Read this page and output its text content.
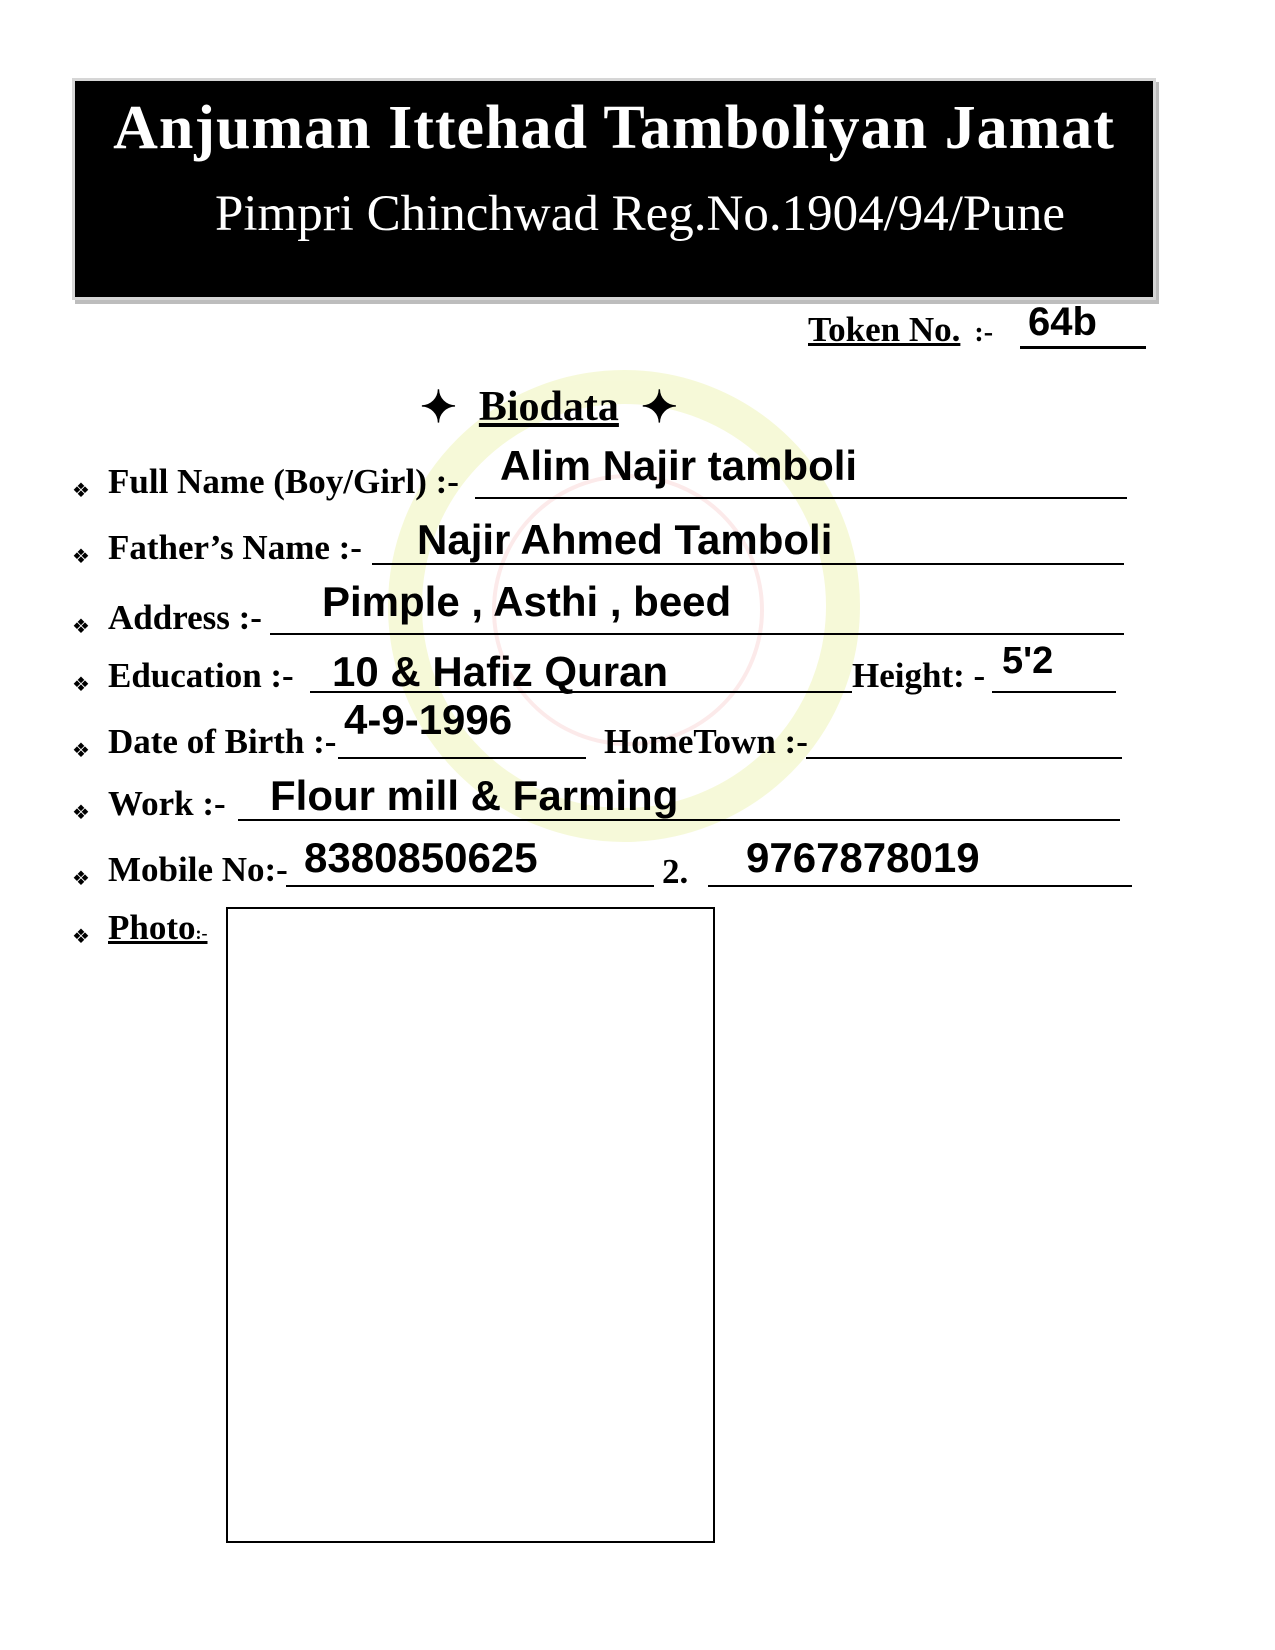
Anjuman Ittehad Tamboliyan Jamat
Pimpri Chinchwad Reg.No.1904/94/Pune
Token No. :- 64b
✦ Biodata ✦
❖ Full Name (Boy/Girl) :- Alim Najir tamboli
❖ Father’s Name :- Najir Ahmed Tamboli
❖ Address :- Pimple , Asthi , beed
❖ Education :- 10 & Hafiz Quran	Height: - 5'2
❖ Date of Birth :- 4-9-1996	HomeTown :-
❖ Work :- Flour mill & Farming
❖ Mobile No:- 8380850625	2. 9767878019
❖ Photo:-
